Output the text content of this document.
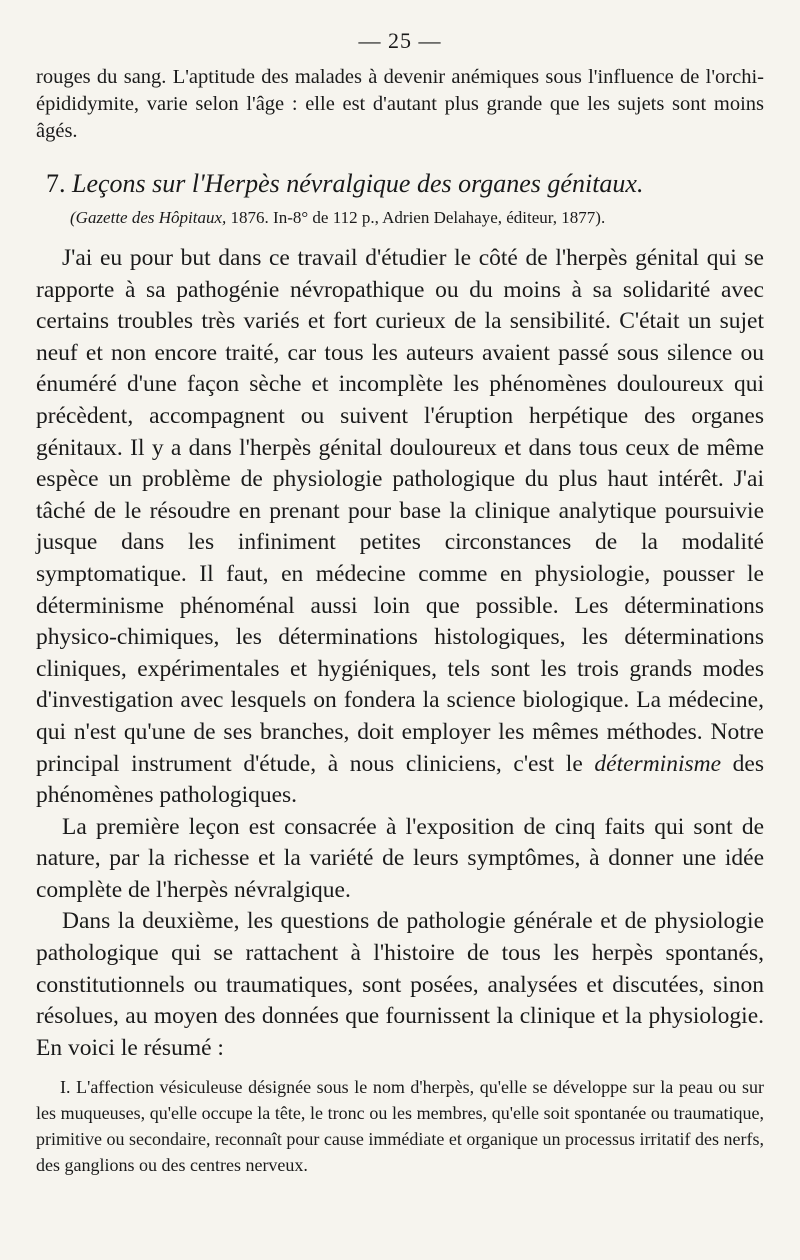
— 25 —

rouges du sang. L'aptitude des malades à devenir anémiques sous l'influence de l'orchi-épididymite, varie selon l'âge : elle est d'autant plus grande que les sujets sont moins âgés.

7. Leçons sur l'Herpès névralgique des organes génitaux.
(Gazette des Hôpitaux, 1876. In-8° de 112 p., Adrien Delahaye, éditeur, 1877).

J'ai eu pour but dans ce travail d'étudier le côté de l'herpès génital qui se rapporte à sa pathogénie névropathique ou du moins à sa solidarité avec certains troubles très variés et fort curieux de la sensibilité. C'était un sujet neuf et non encore traité, car tous les auteurs avaient passé sous silence ou énuméré d'une façon sèche et incomplète les phénomènes douloureux qui précèdent, accompagnent ou suivent l'éruption herpétique des organes génitaux. Il y a dans l'herpès génital douloureux et dans tous ceux de même espèce un problème de physiologie pathologique du plus haut intérêt. J'ai tâché de le résoudre en prenant pour base la clinique analytique poursuivie jusque dans les infiniment petites circonstances de la modalité symptomatique. Il faut, en médecine comme en physiologie, pousser le déterminisme phénoménal aussi loin que possible. Les déterminations physico-chimiques, les déterminations histologiques, les déterminations cliniques, expérimentales et hygiéniques, tels sont les trois grands modes d'investigation avec lesquels on fondera la science biologique. La médecine, qui n'est qu'une de ses branches, doit employer les mêmes méthodes. Notre principal instrument d'étude, à nous cliniciens, c'est le déterminisme des phénomènes pathologiques.

La première leçon est consacrée à l'exposition de cinq faits qui sont de nature, par la richesse et la variété de leurs symptômes, à donner une idée complète de l'herpès névralgique.

Dans la deuxième, les questions de pathologie générale et de physiologie pathologique qui se rattachent à l'histoire de tous les herpès spontanés, constitutionnels ou traumatiques, sont posées, analysées et discutées, sinon résolues, au moyen des données que fournissent la clinique et la physiologie. En voici le résumé :

I. L'affection vésiculeuse désignée sous le nom d'herpès, qu'elle se développe sur la peau ou sur les muqueuses, qu'elle occupe la tête, le tronc ou les membres, qu'elle soit spontanée ou traumatique, primitive ou secondaire, reconnaît pour cause immédiate et organique un processus irritatif des nerfs, des ganglions ou des centres nerveux.
